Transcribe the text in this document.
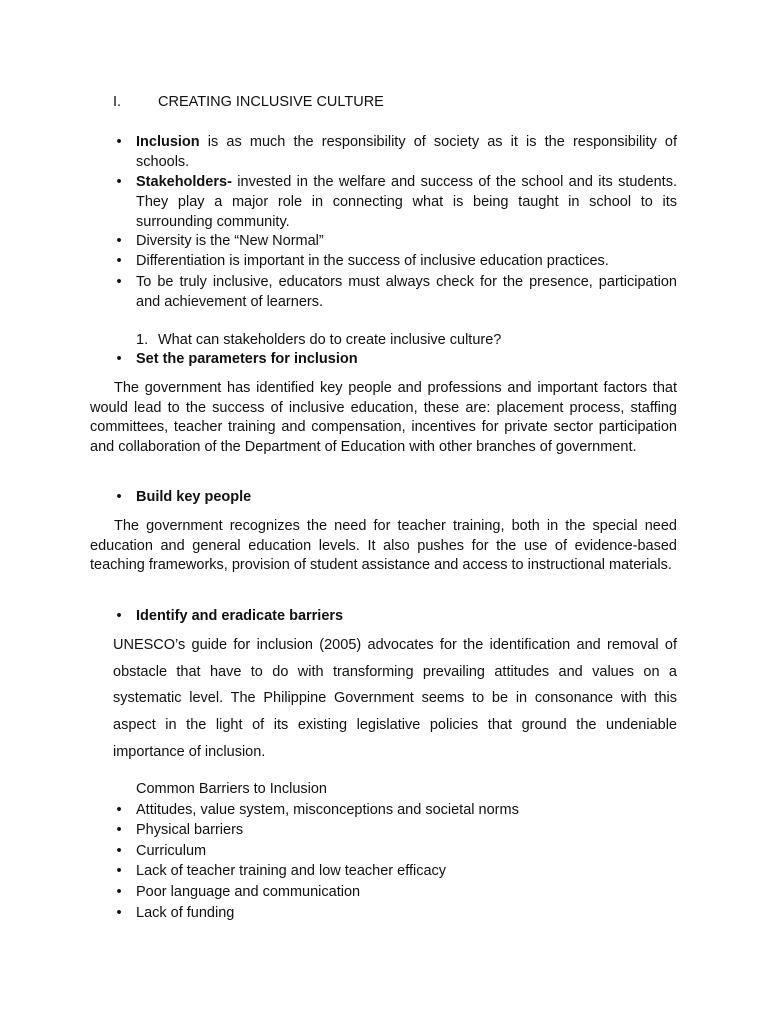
I.	CREATING INCLUSIVE CULTURE
• Inclusion is as much the responsibility of society as it is the responsibility of schools.
• Stakeholders- invested in the welfare and success of the school and its students. They play a major role in connecting what is being taught in school to its surrounding community.
• Diversity is the “New Normal”
• Differentiation is important in the success of inclusive education practices.
• To be truly inclusive, educators must always check for the presence, participation and achievement of learners.
1. What can stakeholders do to create inclusive culture?
• Set the parameters for inclusion
The government has identified key people and professions and important factors that would lead to the success of inclusive education, these are: placement process, staffing committees, teacher training and compensation, incentives for private sector participation and collaboration of the Department of Education with other branches of government.
• Build key people
The government recognizes the need for teacher training, both in the special need education and general education levels. It also pushes for the use of evidence-based teaching frameworks, provision of student assistance and access to instructional materials.
• Identify and eradicate barriers
UNESCO’s guide for inclusion (2005) advocates for the identification and removal of obstacle that have to do with transforming prevailing attitudes and values on a systematic level. The Philippine Government seems to be in consonance with this aspect in the light of its existing legislative policies that ground the undeniable importance of inclusion.
Common Barriers to Inclusion
• Attitudes, value system, misconceptions and societal norms
• Physical barriers
• Curriculum
• Lack of teacher training and low teacher efficacy
• Poor language and communication
• Lack of funding
